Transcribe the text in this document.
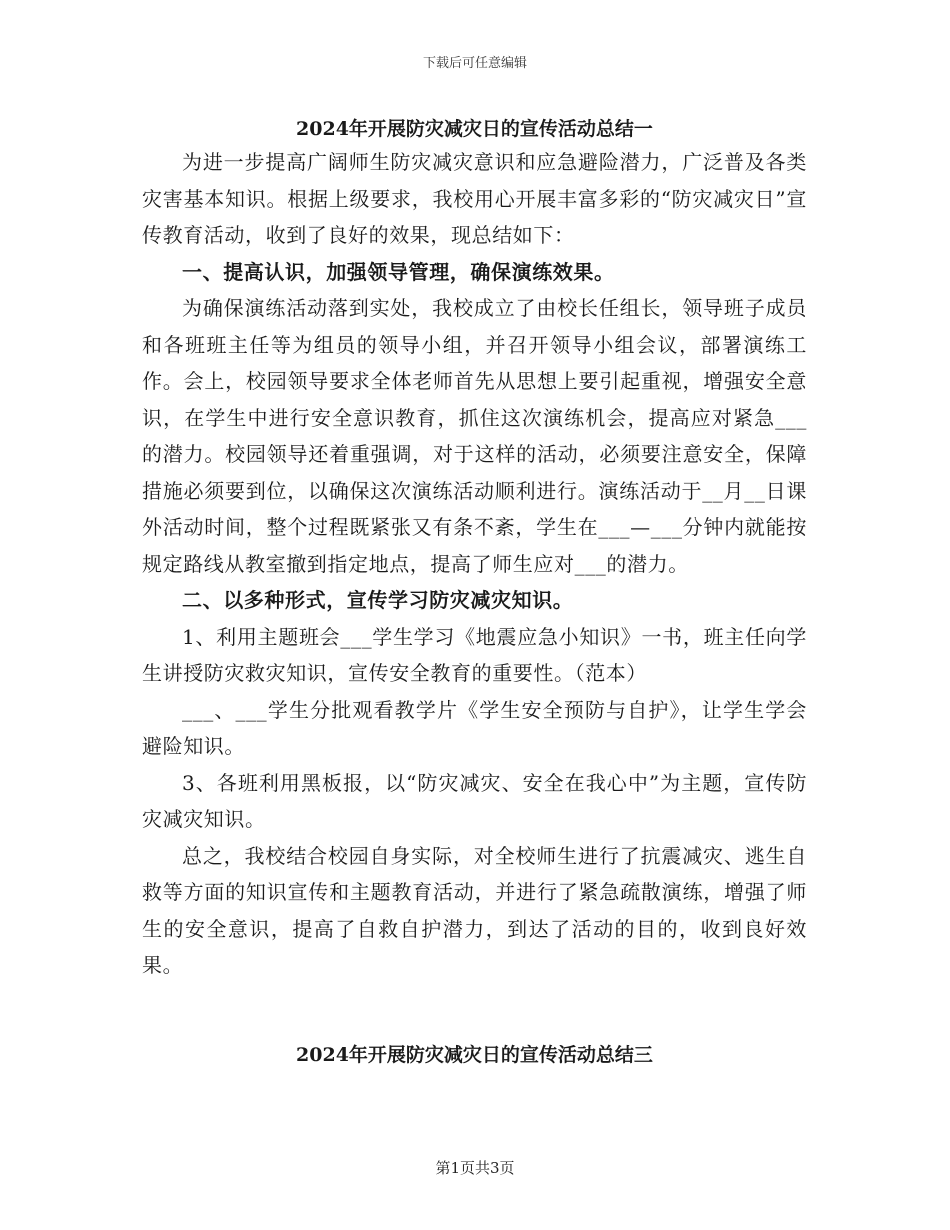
下载后可任意编辑
2024年开展防灾减灾日的宣传活动总结一

为进一步提高广阔师生防灾减灾意识和应急避险潜力，广泛普及各类灾害基本知识。根据上级要求，我校用心开展丰富多彩的“防灾减灾日”宣传教育活动，收到了良好的效果，现总结如下：

一、提高认识，加强领导管理，确保演练效果。

为确保演练活动落到实处，我校成立了由校长任组长，领导班子成员和各班班主任等为组员的领导小组，并召开领导小组会议，部署演练工作。会上，校园领导要求全体老师首先从思想上要引起重视，增强安全意识，在学生中进行安全意识教育，抓住这次演练机会，提高应对紧急___的潜力。校园领导还着重强调，对于这样的活动，必须要注意安全，保障措施必须要到位，以确保这次演练活动顺利进行。演练活动于__月__日课外活动时间，整个过程既紧张又有条不紊，学生在___—___分钟内就能按规定路线从教室撤到指定地点，提高了师生应对___的潜力。

二、以多种形式，宣传学习防灾减灾知识。

1、利用主题班会___学生学习《地震应急小知识》一书，班主任向学生讲授防灾救灾知识，宣传安全教育的重要性。（范本）

___、___学生分批观看教学片《学生安全预防与自护》，让学生学会避险知识。

3、各班利用黑板报，以“防灾减灾、安全在我心中”为主题，宣传防灾减灾知识。

总之，我校结合校园自身实际，对全校师生进行了抗震减灾、逃生自救等方面的知识宣传和主题教育活动，并进行了紧急疏散演练，增强了师生的安全意识，提高了自救自护潜力，到达了活动的目的，收到良好效果。

2024年开展防灾减灾日的宣传活动总结三
第1页共3页
